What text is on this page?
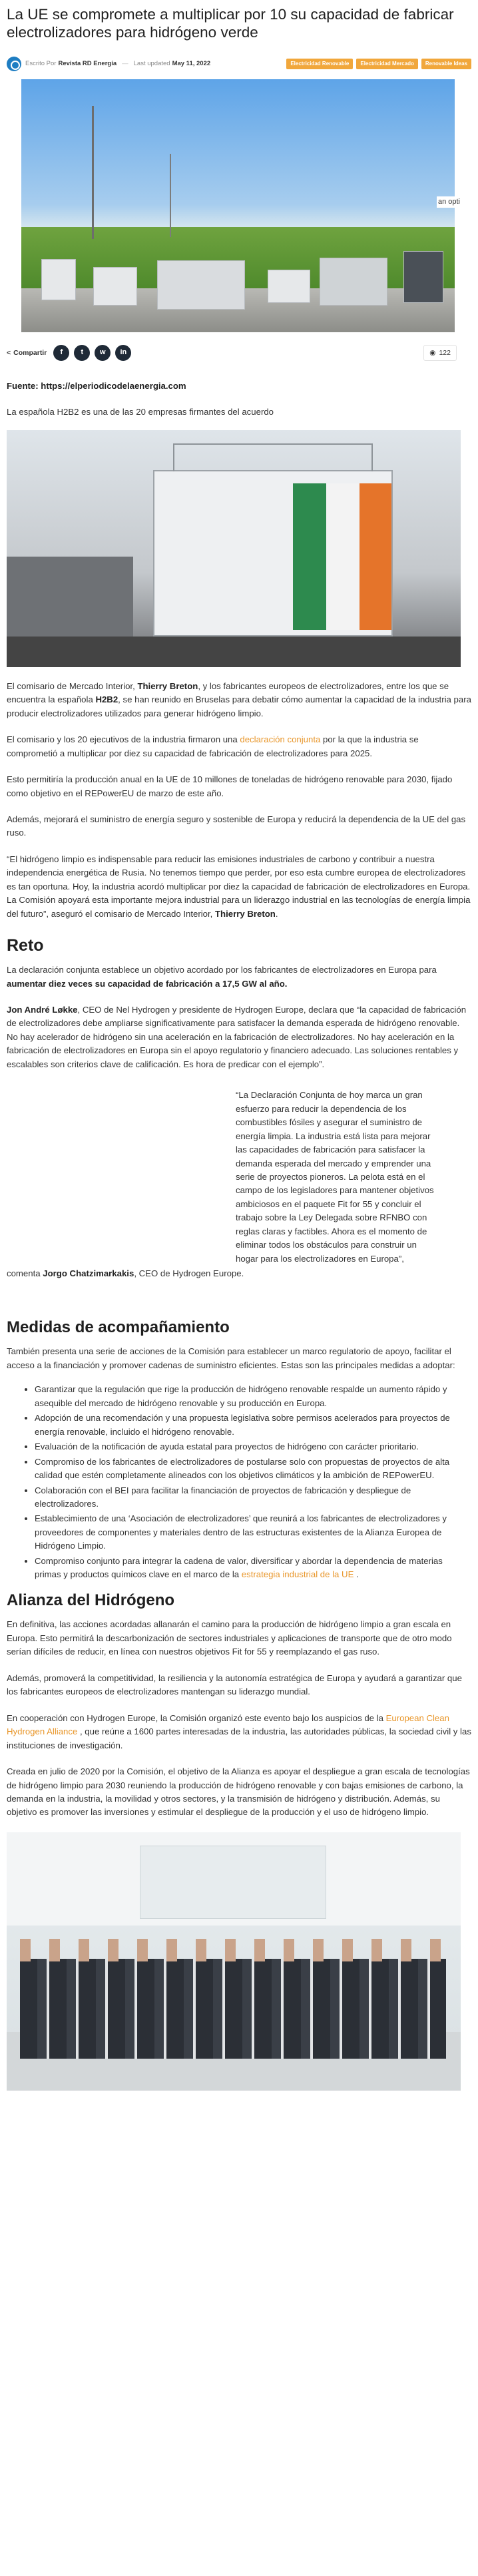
La UE se compromete a multiplicar por 10 su capacidad de fabricar electrolizadores para hidrógeno verde
Escrito Por Revista RD Energía — Last updated May 11, 2022	Electricidad Renovable	Electricidad Mercado	Renovable Ideas
an opti
< Compartir	f	t	w	in	◉ 122
Fuente: https://elperiodicodelaenergia.com

La española H2B2 es una de las 20 empresas firmantes del acuerdo

El comisario de Mercado Interior, Thierry Breton, y los fabricantes europeos de electrolizadores, entre los que se encuentra la española H2B2, se han reunido en Bruselas para debatir cómo aumentar la capacidad de la industria para producir electrolizadores utilizados para generar hidrógeno limpio.

El comisario y los 20 ejecutivos de la industria firmaron una declaración conjunta por la que la industria se comprometió a multiplicar por diez su capacidad de fabricación de electrolizadores para 2025.

Esto permitiría la producción anual en la UE de 10 millones de toneladas de hidrógeno renovable para 2030, fijado como objetivo en el REPowerEU de marzo de este año.

Además, mejorará el suministro de energía seguro y sostenible de Europa y reducirá la dependencia de la UE del gas ruso.

“El hidrógeno limpio es indispensable para reducir las emisiones industriales de carbono y contribuir a nuestra independencia energética de Rusia. No tenemos tiempo que perder, por eso esta cumbre europea de electrolizadores es tan oportuna. Hoy, la industria acordó multiplicar por diez la capacidad de fabricación de electrolizadores en Europa. La Comisión apoyará esta importante mejora industrial para un liderazgo industrial en las tecnologías de energía limpia del futuro”, aseguró el comisario de Mercado Interior, Thierry Breton.

Reto

La declaración conjunta establece un objetivo acordado por los fabricantes de electrolizadores en Europa para aumentar diez veces su capacidad de fabricación a 17,5 GW al año.

Jon André Løkke, CEO de Nel Hydrogen y presidente de Hydrogen Europe, declara que “la capacidad de fabricación de electrolizadores debe ampliarse significativamente para satisfacer la demanda esperada de hidrógeno renovable. No hay acelerador de hidrógeno sin una aceleración en la fabricación de electrolizadores. No hay aceleración en la fabricación de electrolizadores en Europa sin el apoyo regulatorio y financiero adecuado. Las soluciones rentables y escalables son criterios clave de calificación. Es hora de predicar con el ejemplo”.

“La Declaración Conjunta de hoy marca un gran esfuerzo para reducir la dependencia de los combustibles fósiles y asegurar el suministro de energía limpia. La industria está lista para mejorar las capacidades de fabricación para satisfacer la demanda esperada del mercado y emprender una serie de proyectos pioneros. La pelota está en el campo de los legisladores para mantener objetivos ambiciosos en el paquete Fit for 55 y concluir el trabajo sobre la Ley Delegada sobre RFNBO con reglas claras y factibles. Ahora es el momento de eliminar todos los obstáculos para construir un hogar para los electrolizadores en Europa”,

comenta Jorgo Chatzimarkakis, CEO de Hydrogen Europe.

Medidas de acompañamiento

También presenta una serie de acciones de la Comisión para establecer un marco regulatorio de apoyo, facilitar el acceso a la financiación y promover cadenas de suministro eficientes. Estas son las principales medidas a adoptar:

• Garantizar que la regulación que rige la producción de hidrógeno renovable respalde un aumento rápido y asequible del mercado de hidrógeno renovable y su producción en Europa.
• Adopción de una recomendación y una propuesta legislativa sobre permisos acelerados para proyectos de energía renovable, incluido el hidrógeno renovable.
• Evaluación de la notificación de ayuda estatal para proyectos de hidrógeno con carácter prioritario.
• Compromiso de los fabricantes de electrolizadores de postularse solo con propuestas de proyectos de alta calidad que estén completamente alineados con los objetivos climáticos y la ambición de REPowerEU.
• Colaboración con el BEI para facilitar la financiación de proyectos de fabricación y despliegue de electrolizadores.
• Establecimiento de una ‘Asociación de electrolizadores’ que reunirá a los fabricantes de electrolizadores y proveedores de componentes y materiales dentro de las estructuras existentes de la Alianza Europea de Hidrógeno Limpio.
• Compromiso conjunto para integrar la cadena de valor, diversificar y abordar la dependencia de materias primas y productos químicos clave en el marco de la estrategia industrial de la UE .
Alianza del Hidrógeno

En definitiva, las acciones acordadas allanarán el camino para la producción de hidrógeno limpio a gran escala en Europa. Esto permitirá la descarbonización de sectores industriales y aplicaciones de transporte que de otro modo serían difíciles de reducir, en línea con nuestros objetivos Fit for 55 y reemplazando el gas ruso.

Además, promoverá la competitividad, la resiliencia y la autonomía estratégica de Europa y ayudará a garantizar que los fabricantes europeos de electrolizadores mantengan su liderazgo mundial.

En cooperación con Hydrogen Europe, la Comisión organizó este evento bajo los auspicios de la European Clean Hydrogen Alliance , que reúne a 1600 partes interesadas de la industria, las autoridades públicas, la sociedad civil y las instituciones de investigación.

Creada en julio de 2020 por la Comisión, el objetivo de la Alianza es apoyar el despliegue a gran escala de tecnologías de hidrógeno limpio para 2030 reuniendo la producción de hidrógeno renovable y con bajas emisiones de carbono, la demanda en la industria, la movilidad y otros sectores, y la transmisión de hidrógeno y distribución. Además, su objetivo es promover las inversiones y estimular el despliegue de la producción y el uso de hidrógeno limpio.
